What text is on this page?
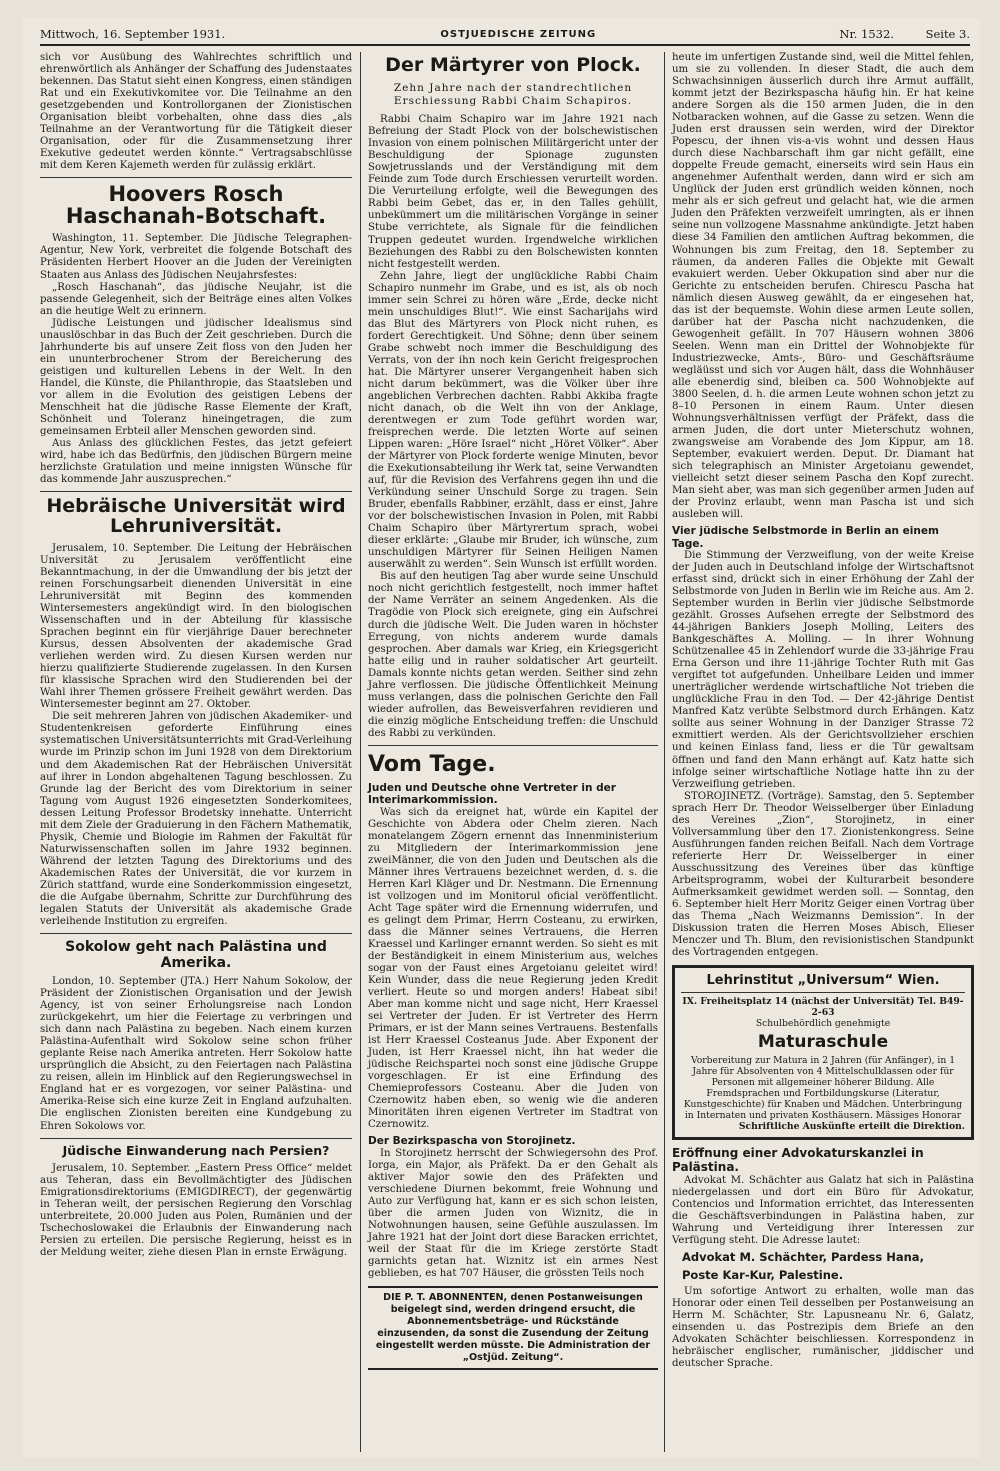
Mittwoch, 16. September 1931.	OSTJUEDISCHE ZEITUNG	Nr. 1532.	Seite 3.

sich vor Ausübung des Wahlrechtes schriftlich und ehrenwörtlich als Anhänger der Schaffung des Judenstaates bekennen. Das Statut sieht einen Kongress, einen ständigen Rat und ein Exekutivkomitee vor. Die Teilnahme an den gesetzgebenden und Kontrollorganen der Zionistischen Organisation bleibt vorbehalten, ohne dass dies „als Teilnahme an der Verantwortung für die Tätigkeit dieser Organisation, oder für die Zusammensetzung ihrer Exekutive gedeutet werden könnte.“ Vertragsabschlüsse mit dem Keren Kajemeth werden für zulässig erklärt.

Hoovers Rosch Haschanah-Botschaft.

Washington, 11. September. Die Jüdische Telegraphen-Agentur, New York, verbreitet die folgende Botschaft des Präsidenten Herbert Hoover an die Juden der Vereinigten Staaten aus Anlass des Jüdischen Neujahrsfestes:

„Rosch Haschanah“, das jüdische Neujahr, ist die passende Gelegenheit, sich der Beiträge eines alten Volkes an die heutige Welt zu erinnern.

Jüdische Leistungen und jüdischer Idealismus sind unauslöschbar in das Buch der Zeit geschrieben. Durch die Jahrhunderte bis auf unsere Zeit floss von den Juden her ein ununterbrochener Strom der Bereicherung des geistigen und kulturellen Lebens in der Welt. In den Handel, die Künste, die Philanthropie, das Staatsleben und vor allem in die Evolution des geistigen Lebens der Menschheit hat die jüdische Rasse Elemente der Kraft, Schönheit und Toleranz hineingetragen, die zum gemeinsamen Erbteil aller Menschen geworden sind.

Aus Anlass des glücklichen Festes, das jetzt gefeiert wird, habe ich das Bedürfnis, den jüdischen Bürgern meine herzlichste Gratulation und meine innigsten Wünsche für das kommende Jahr auszusprechen.“

Hebräische Universität wird Lehruniversität.

Jerusalem, 10. September. Die Leitung der Hebräischen Universität zu Jerusalem veröffentlicht eine Bekanntmachung, in der die Umwandlung der bis jetzt der reinen Forschungsarbeit dienenden Universität in eine Lehruniversität mit Beginn des kommenden Wintersemesters angekündigt wird. In den biologischen Wissenschaften und in der Abteilung für klassische Sprachen beginnt ein für vierjährige Dauer berechneter Kursus, dessen Absolventen der akademische Grad verliehen werden wird. Zu diesen Kursen werden nur hierzu qualifizierte Studierende zugelassen. In den Kursen für klassische Sprachen wird den Studierenden bei der Wahl ihrer Themen grössere Freiheit gewährt werden. Das Wintersemester beginnt am 27. Oktober.

Die seit mehreren Jahren von jüdischen Akademiker- und Studentenkreisen geforderte Einführung eines systematischen Universitätsunterrichts mit Grad-Verleihung wurde im Prinzip schon im Juni 1928 von dem Direktorium und dem Akademischen Rat der Hebräischen Universität auf ihrer in London abgehaltenen Tagung beschlossen. Zu Grunde lag der Bericht des vom Direktorium in seiner Tagung vom August 1926 eingesetzten Sonderkomitees, dessen Leitung Professor Brodetsky innehatte. Unterricht mit dem Ziele der Graduierung in den Fächern Mathematik, Physik, Chemie und Biologie im Rahmen der Fakultät für Naturwissenschaften sollen im Jahre 1932 beginnen. Während der letzten Tagung des Direktoriums und des Akademischen Rates der Universität, die vor kurzem in Zürich stattfand, wurde eine Sonderkommission eingesetzt, die die Aufgabe übernahm, Schritte zur Durchführung des legalen Statuts der Universität als akademische Grade verleihende Institution zu ergreifen.

Sokolow geht nach Palästina und Amerika.

London, 10. September (JTA.) Herr Nahum Sokolow, der Präsident der Zionistischen Organisation und der Jewish Agency, ist von seiner Erholungsreise nach London zurückgekehrt, um hier die Feiertage zu verbringen und sich dann nach Palästina zu begeben. Nach einem kurzen Palästina-Aufenthalt wird Sokolow seine schon früher geplante Reise nach Amerika antreten. Herr Sokolow hatte ursprünglich die Absicht, zu den Feiertagen nach Palästina zu reisen, allein im Hinblick auf den Regierungswechsel in England hat er es vorgezogen, vor seiner Palästina- und Amerika-Reise sich eine kurze Zeit in England aufzuhalten. Die englischen Zionisten bereiten eine Kundgebung zu Ehren Sokolows vor.

Jüdische Einwanderung nach Persien?

Jerusalem, 10. September. „Eastern Press Office“ meldet aus Teheran, dass ein Bevollmächtigter des Jüdischen Emigrationsdirektoriums (EMIGDIRECT), der gegenwärtig in Teheran weilt, der persischen Regierung den Vorschlag unterbreitete, 20.000 Juden aus Polen, Rumänien und der Tschechoslowakei die Erlaubnis der Einwanderung nach Persien zu erteilen. Die persische Regierung, heisst es in der Meldung weiter, ziehe diesen Plan in ernste Erwägung.

Der Märtyrer von Plock.
Zehn Jahre nach der standrechtlichen Erschiessung Rabbi Chaim Schapiros.

Rabbi Chaim Schapiro war im Jahre 1921 nach Befreiung der Stadt Plock von der bolschewistischen Invasion von einem polnischen Militärgericht unter der Beschuldigung der Spionage zugunsten Sowjetrusslands und der Verständigung mit dem Feinde zum Tode durch Erschiessen verurteilt worden. Die Verurteilung erfolgte, weil die Bewegungen des Rabbi beim Gebet, das er, in den Talles gehüllt, unbekümmert um die militärischen Vorgänge in seiner Stube verrichtete, als Signale für die feindlichen Truppen gedeutet wurden. Irgendwelche wirklichen Beziehungen des Rabbi zu den Bolschewisten konnten nicht festgestellt werden.

Zehn Jahre, liegt der unglückliche Rabbi Chaim Schapiro nunmehr im Grabe, und es ist, als ob noch immer sein Schrei zu hören wäre „Erde, decke nicht mein unschuldiges Blut!“. Wie einst Sacharijahs wird das Blut des Märtyrers von Plock nicht ruhen, es fordert Gerechtigkeit. Und Söhne; denn über seinem Grabe schwebt noch immer die Beschuldigung des Verrats, von der ihn noch kein Gericht freigesprochen hat. Die Märtyrer unserer Vergangenheit haben sich nicht darum bekümmert, was die Völker über ihre angeblichen Verbrechen dachten. Rabbi Akkiba fragte nicht danach, ob die Welt ihn von der Anklage, derentwegen er zum Tode geführt worden war, freisprechen werde. Die letzten Worte auf seinen Lippen waren: „Höre Israel“ nicht „Höret Völker“. Aber der Märtyrer von Plock forderte wenige Minuten, bevor die Exekutionsabteilung ihr Werk tat, seine Verwandten auf, für die Revision des Verfahrens gegen ihn und die Verkündung seiner Unschuld Sorge zu tragen. Sein Bruder, ebenfalls Rabbiner, erzählt, dass er einst, Jahre vor der bolschewistischen Invasion in Polen, mit Rabbi Chaim Schapiro über Märtyrertum sprach, wobei dieser erklärte: „Glaube mir Bruder, ich wünsche, zum unschuldigen Märtyrer für Seinen Heiligen Namen auserwählt zu werden“. Sein Wunsch ist erfüllt worden.

Bis auf den heutigen Tag aber wurde seine Unschuld noch nicht gerichtlich festgestellt, noch immer haftet der Name Verräter an seinem Angedenken. Als die Tragödie von Plock sich ereignete, ging ein Aufschrei durch die jüdische Welt. Die Juden waren in höchster Erregung, von nichts anderem wurde damals gesprochen. Aber damals war Krieg, ein Kriegsgericht hatte eilig und in rauher soldatischer Art geurteilt. Damals konnte nichts getan werden. Seither sind zehn Jahre verflossen. Die jüdische Öffentlichkeit Meinung muss verlangen, dass die polnischen Gerichte den Fall wieder aufrollen, das Beweisverfahren revidieren und die einzig mögliche Entscheidung treffen: die Unschuld des Rabbi zu verkünden.

Vom Tage.
Juden und Deutsche ohne Vertreter in der Interimarkommission.

Was sich da ereignet hat, würde ein Kapitel der Geschichte von Abdera oder Chelm zieren. Nach monatelangem Zögern ernennt das Innenministerium zu Mitgliedern der Interimarkommission jene zweiMänner, die von den Juden und Deutschen als die Männer ihres Vertrauens bezeichnet werden, d. s. die Herren Karl Kläger und Dr. Nestmann. Die Ernennung ist vollzogen und im Monitorul oficial veröffentlicht. Acht Tage später wird die Ernennung widerrufen, und es gelingt dem Primar, Herrn Costeanu, zu erwirken, dass die Männer seines Vertrauens, die Herren Kraessel und Karlinger ernannt werden. So sieht es mit der Beständigkeit in einem Ministerium aus, welches sogar von der Faust eines Argetoianu geleitet wird! Kein Wunder, dass die neue Regierung jeden Kredit verliert. Heute so und morgen anders! Habeat sibi! Aber man komme nicht und sage nicht, Herr Kraessel sei Vertreter der Juden. Er ist Vertreter des Herrn Primars, er ist der Mann seines Vertrauens. Bestenfalls ist Herr Kraessel Costeanus Jude. Aber Exponent der Juden, ist Herr Kraessel nicht, ihn hat weder die jüdische Reichspartei noch sonst eine jüdische Gruppe vorgeschlagen. Er ist eine Erfindung des Chemieprofessors Costeanu. Aber die Juden von Czernowitz haben eben, so wenig wie die anderen Minoritäten ihren eigenen Vertreter im Stadtrat von Czernowitz.

Der Bezirkspascha von Storojinetz.

In Storojinetz herrscht der Schwiegersohn des Prof. Iorga, ein Major, als Präfekt. Da er den Gehalt als aktiver Major sowie den des Präfekten und verschiedene Diurnen bekommt, freie Wohnung und Auto zur Verfügung hat, kann er es sich schon leisten, über die armen Juden von Wiznitz, die in Notwohnungen hausen, seine Gefühle auszulassen. Im Jahre 1921 hat der Joint dort diese Baracken errichtet, weil der Staat für die im Kriege zerstörte Stadt garnichts getan hat. Wiznitz ist ein armes Nest geblieben, es hat 707 Häuser, die grössten Teils noch

DIE P. T. ABONNENTEN, denen Postanweisungen beigelegt sind, werden dringend ersucht, die Abonnementsbeträge- und Rückstände einzusenden, da sonst die Zusendung der Zeitung eingestellt werden müsste. Die Administration der „Ostjüd. Zeitung“.

heute im unfertigen Zustande sind, weil die Mittel fehlen, um sie zu vollenden. In dieser Stadt, die auch dem Schwachsinnigen äusserlich durch ihre Armut auffällt, kommt jetzt der Bezirkspascha häufig hin. Er hat keine andere Sorgen als die 150 armen Juden, die in den Notbaracken wohnen, auf die Gasse zu setzen. Wenn die Juden erst draussen sein werden, wird der Direktor Popescu, der ihnen vis-a-vis wohnt und dessen Haus durch diese Nachbarschaft ihm gar nicht gefällt, eine doppelte Freude gemacht, einerseits wird sein Haus ein angenehmer Aufenthalt werden, dann wird er sich am Unglück der Juden erst gründlich weiden können, noch mehr als er sich gefreut und gelacht hat, wie die armen Juden den Präfekten verzweifelt umringten, als er ihnen seine nun vollzogene Massnahme ankündigte. Jetzt haben diese 34 Familien den amtlichen Auftrag bekommen, die Wohnungen bis zum Freitag, den 18. September zu räumen, da anderen Falles die Objekte mit Gewalt evakuiert werden. Ueber Okkupation sind aber nur die Gerichte zu entscheiden berufen. Chirescu Pascha hat nämlich diesen Ausweg gewählt, da er eingesehen hat, das ist der bequemste. Wohin diese armen Leute sollen, darüber hat der Pascha nicht nachzudenken, die Gewogenheit gefällt. In 707 Häusern wohnen 3806 Seelen. Wenn man ein Drittel der Wohnobjekte für Industriezwecke, Amts-, Büro- und Geschäftsräume wegläüsst und sich vor Augen hält, dass die Wohnhäuser alle ebenerdig sind, bleiben ca. 500 Wohnobjekte auf 3800 Seelen, d. h. die armen Leute wohnen schon jetzt zu 8–10 Personen in einem Raum. Unter diesen Wohnungsverhältnissen verfügt der Präfekt, dass die armen Juden, die dort unter Mieterschutz wohnen, zwangsweise am Vorabende des Jom Kippur, am 18. September, evakuiert werden. Deput. Dr. Diamant hat sich telegraphisch an Minister Argetoianu gewendet, vielleicht setzt dieser seinem Pascha den Kopf zurecht. Man sieht aber, was man sich gegenüber armen Juden auf der Provinz erlaubt, wenn man Pascha ist und sich ausleben will.

Vier jüdische Selbstmorde in Berlin an einem Tage.

Die Stimmung der Verzweiflung, von der weite Kreise der Juden auch in Deutschland infolge der Wirtschaftsnot erfasst sind, drückt sich in einer Erhöhung der Zahl der Selbstmorde von Juden in Berlin wie im Reiche aus. Am 2. September wurden in Berlin vier jüdische Selbstmorde gezählt. Grosses Aufsehen erregte der Selbstmord des 44-jährigen Bankiers Joseph Molling, Leiters des Bankgeschäftes A. Molling. — In ihrer Wohnung Schützenallee 45 in Zehlendorf wurde die 33-jährige Frau Erna Gerson und ihre 11-jährige Tochter Ruth mit Gas vergiftet tot aufgefunden. Unheilbare Leiden und immer unerträglicher werdende wirtschaftliche Not trieben die unglückliche Frau in den Tod. — Der 42-jährige Dentist Manfred Katz verübte Selbstmord durch Erhängen. Katz sollte aus seiner Wohnung in der Danziger Strasse 72 exmittiert werden. Als der Gerichtsvollzieher erschien und keinen Einlass fand, liess er die Tür gewaltsam öffnen und fand den Mann erhängt auf. Katz hatte sich infolge seiner wirtschaftliche Notlage hatte ihn zu der Verzweiflung getrieben.

STOROJINETZ. (Vorträge). Samstag, den 5. September sprach Herr Dr. Theodor Weisselberger über Einladung des Vereines „Zion“, Storojinetz, in einer Vollversammlung über den 17. Zionistenkongress. Seine Ausführungen fanden reichen Beifall. Nach dem Vortrage referierte Herr Dr. Weisselberger in einer Ausschussitzung des Vereines über das künftige Arbeitsprogramm, wobei der Kulturarbeit besondere Aufmerksamkeit gewidmet werden soll. — Sonntag, den 6. September hielt Herr Moritz Geiger einen Vortrag über das Thema „Nach Weizmanns Demission“. In der Diskussion traten die Herren Moses Abisch, Elieser Menczer und Th. Blum, den revisionistischen Standpunkt des Vortragenden entgegen.

Lehrinstitut „Universum“ Wien.
IX. Freiheitsplatz 14 (nächst der Universität) Tel. B49-2-63
Schulbehördlich genehmigte
Maturaschule
Vorbereitung zur Matura in 2 Jahren (für Anfänger), in 1 Jahre für Absolventen von 4 Mittelschulklassen oder für Personen mit allgemeiner höherer Bildung. Alle Fremdsprachen und Fortbildungskurse (Literatur, Kunstgeschichte) für Knaben und Mädchen. Unterbringung in Internaten und privaten Kosthäusern. Mässiges Honorar
Schriftliche Auskünfte erteilt die Direktion.
Eröffnung einer Advokaturskanzlei in Palästina.

Advokat M. Schächter aus Galatz hat sich in Palästina niedergelassen und dort ein Büro für Advokatur, Contencios und Information errichtet, das Interessenten die Geschäftsverbindungen in Palästina haben, zur Wahrung und Verteidigung ihrer Interessen zur Verfügung steht. Die Adresse lautet:

Advokat M. Schächter, Pardess Hana,
Poste Kar-Kur, Palestine.

Um sofortige Antwort zu erhalten, wolle man das Honorar oder einen Teil desselben per Postanweisung an Herrn M. Schächter, Str. Lapusneanu Nr. 6, Galatz, einsenden u. das Postrezipis dem Briefe an den Advokaten Schächter beischliessen. Korrespondenz in hebräischer englischer, rumänischer, jiddischer und deutscher Sprache.
